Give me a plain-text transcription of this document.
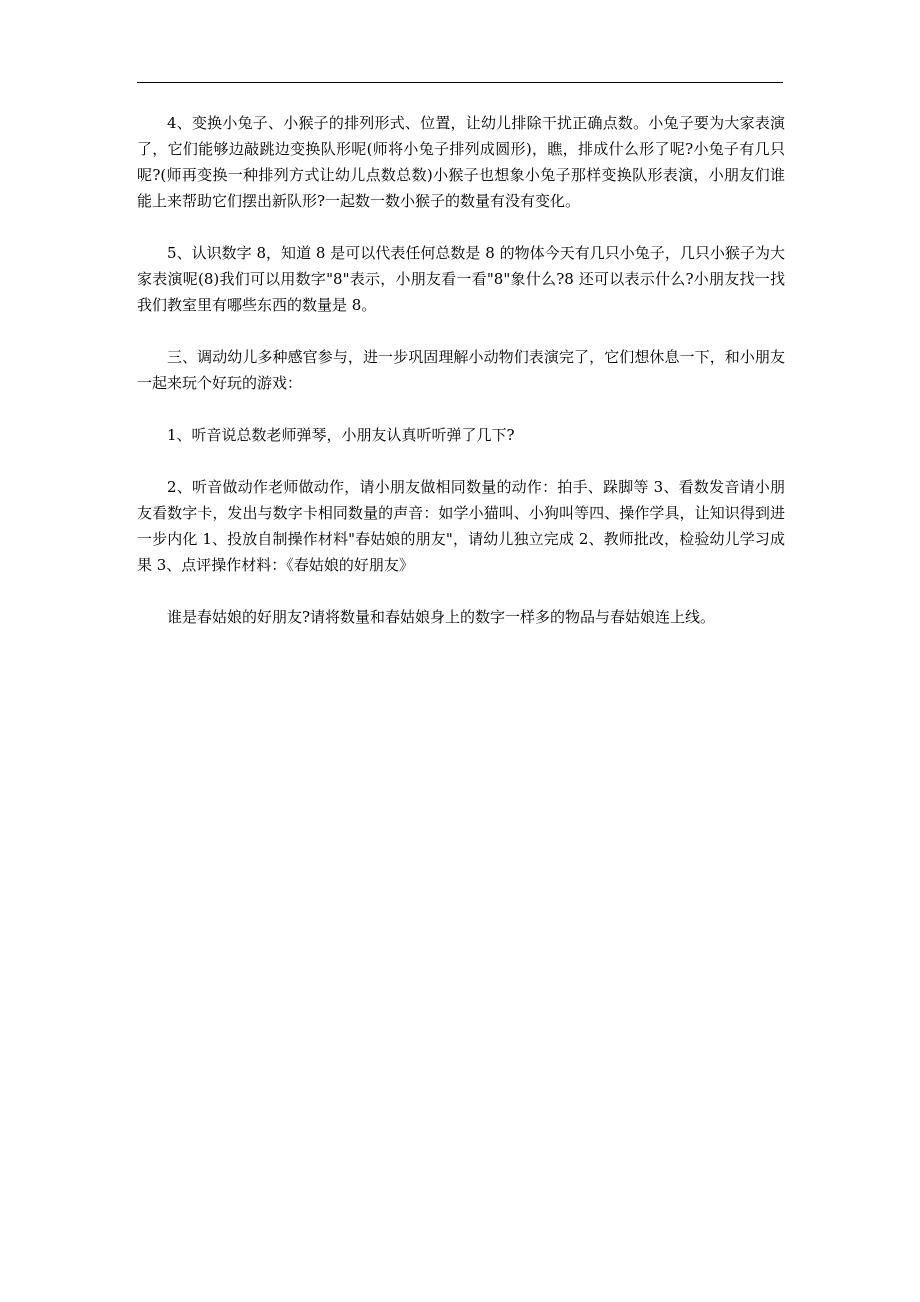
4、变换小兔子、小猴子的排列形式、位置，让幼儿排除干扰正确点数。小兔子要为大家表演了，它们能够边敲跳边变换队形呢(师将小兔子排列成圆形)，瞧，排成什么形了呢?小兔子有几只呢?(师再变换一种排列方式让幼儿点数总数)小猴子也想象小兔子那样变换队形表演，小朋友们谁能上来帮助它们摆出新队形?一起数一数小猴子的数量有没有变化。

5、认识数字 8，知道 8 是可以代表任何总数是 8 的物体今天有几只小兔子，几只小猴子为大家表演呢(8)我们可以用数字"8"表示，小朋友看一看"8"象什么?8 还可以表示什么?小朋友找一找我们教室里有哪些东西的数量是 8。

三、调动幼儿多种感官参与，进一步巩固理解小动物们表演完了，它们想休息一下，和小朋友一起来玩个好玩的游戏：

1、听音说总数老师弹琴，小朋友认真听听弹了几下?

2、听音做动作老师做动作，请小朋友做相同数量的动作：拍手、跺脚等 3、看数发音请小朋友看数字卡，发出与数字卡相同数量的声音：如学小猫叫、小狗叫等四、操作学具，让知识得到进一步内化 1、投放自制操作材料"春姑娘的朋友"，请幼儿独立完成 2、教师批改，检验幼儿学习成果 3、点评操作材料：《春姑娘的好朋友》

谁是春姑娘的好朋友?请将数量和春姑娘身上的数字一样多的物品与春姑娘连上线。
